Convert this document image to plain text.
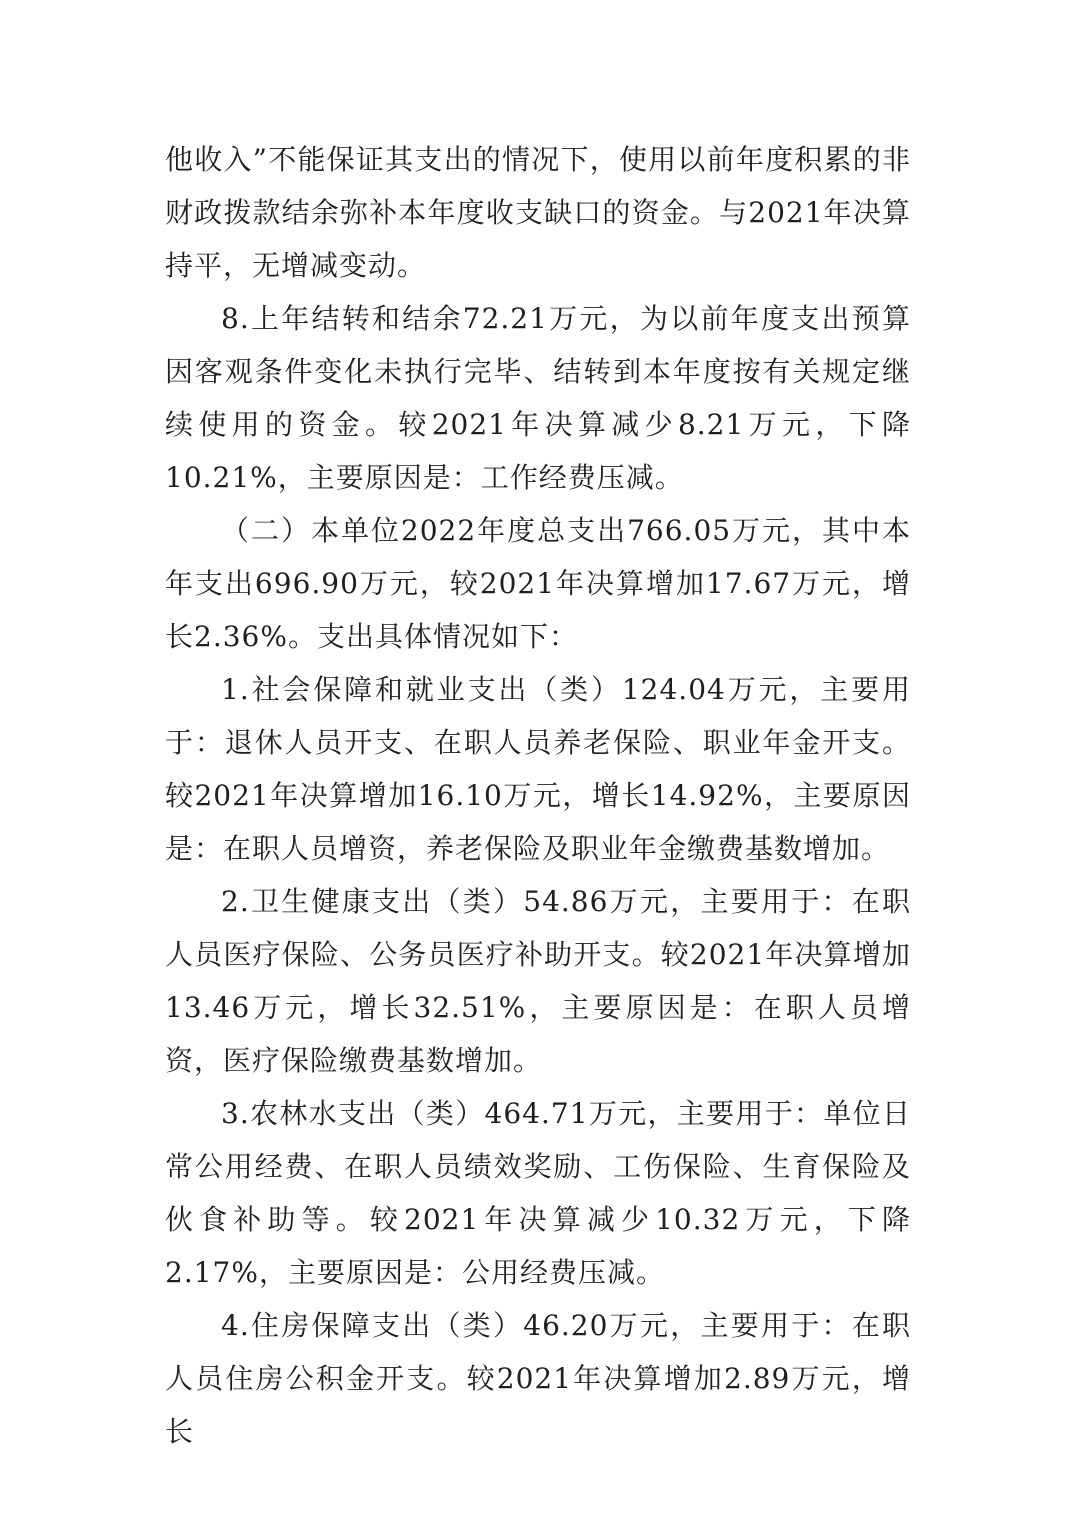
他收入”不能保证其支出的情况下，使用以前年度积累的非财政拨款结余弥补本年度收支缺口的资金。与2021年决算持平，无增减变动。

8.上年结转和结余72.21万元，为以前年度支出预算因客观条件变化未执行完毕、结转到本年度按有关规定继续使用的资金。较2021年决算减少8.21万元，下降10.21%，主要原因是：工作经费压减。

（二）本单位2022年度总支出766.05万元，其中本年支出696.90万元，较2021年决算增加17.67万元，增长2.36%。支出具体情况如下：

1.社会保障和就业支出（类）124.04万元，主要用于：退休人员开支、在职人员养老保险、职业年金开支。较2021年决算增加16.10万元，增长14.92%，主要原因是：在职人员增资，养老保险及职业年金缴费基数增加。

2.卫生健康支出（类）54.86万元，主要用于：在职人员医疗保险、公务员医疗补助开支。较2021年决算增加13.46万元，增长32.51%，主要原因是：在职人员增资，医疗保险缴费基数增加。

3.农林水支出（类）464.71万元，主要用于：单位日常公用经费、在职人员绩效奖励、工伤保险、生育保险及伙食补助等。较2021年决算减少10.32万元，下降2.17%，主要原因是：公用经费压减。

4.住房保障支出（类）46.20万元，主要用于：在职人员住房公积金开支。较2021年决算增加2.89万元，增长
